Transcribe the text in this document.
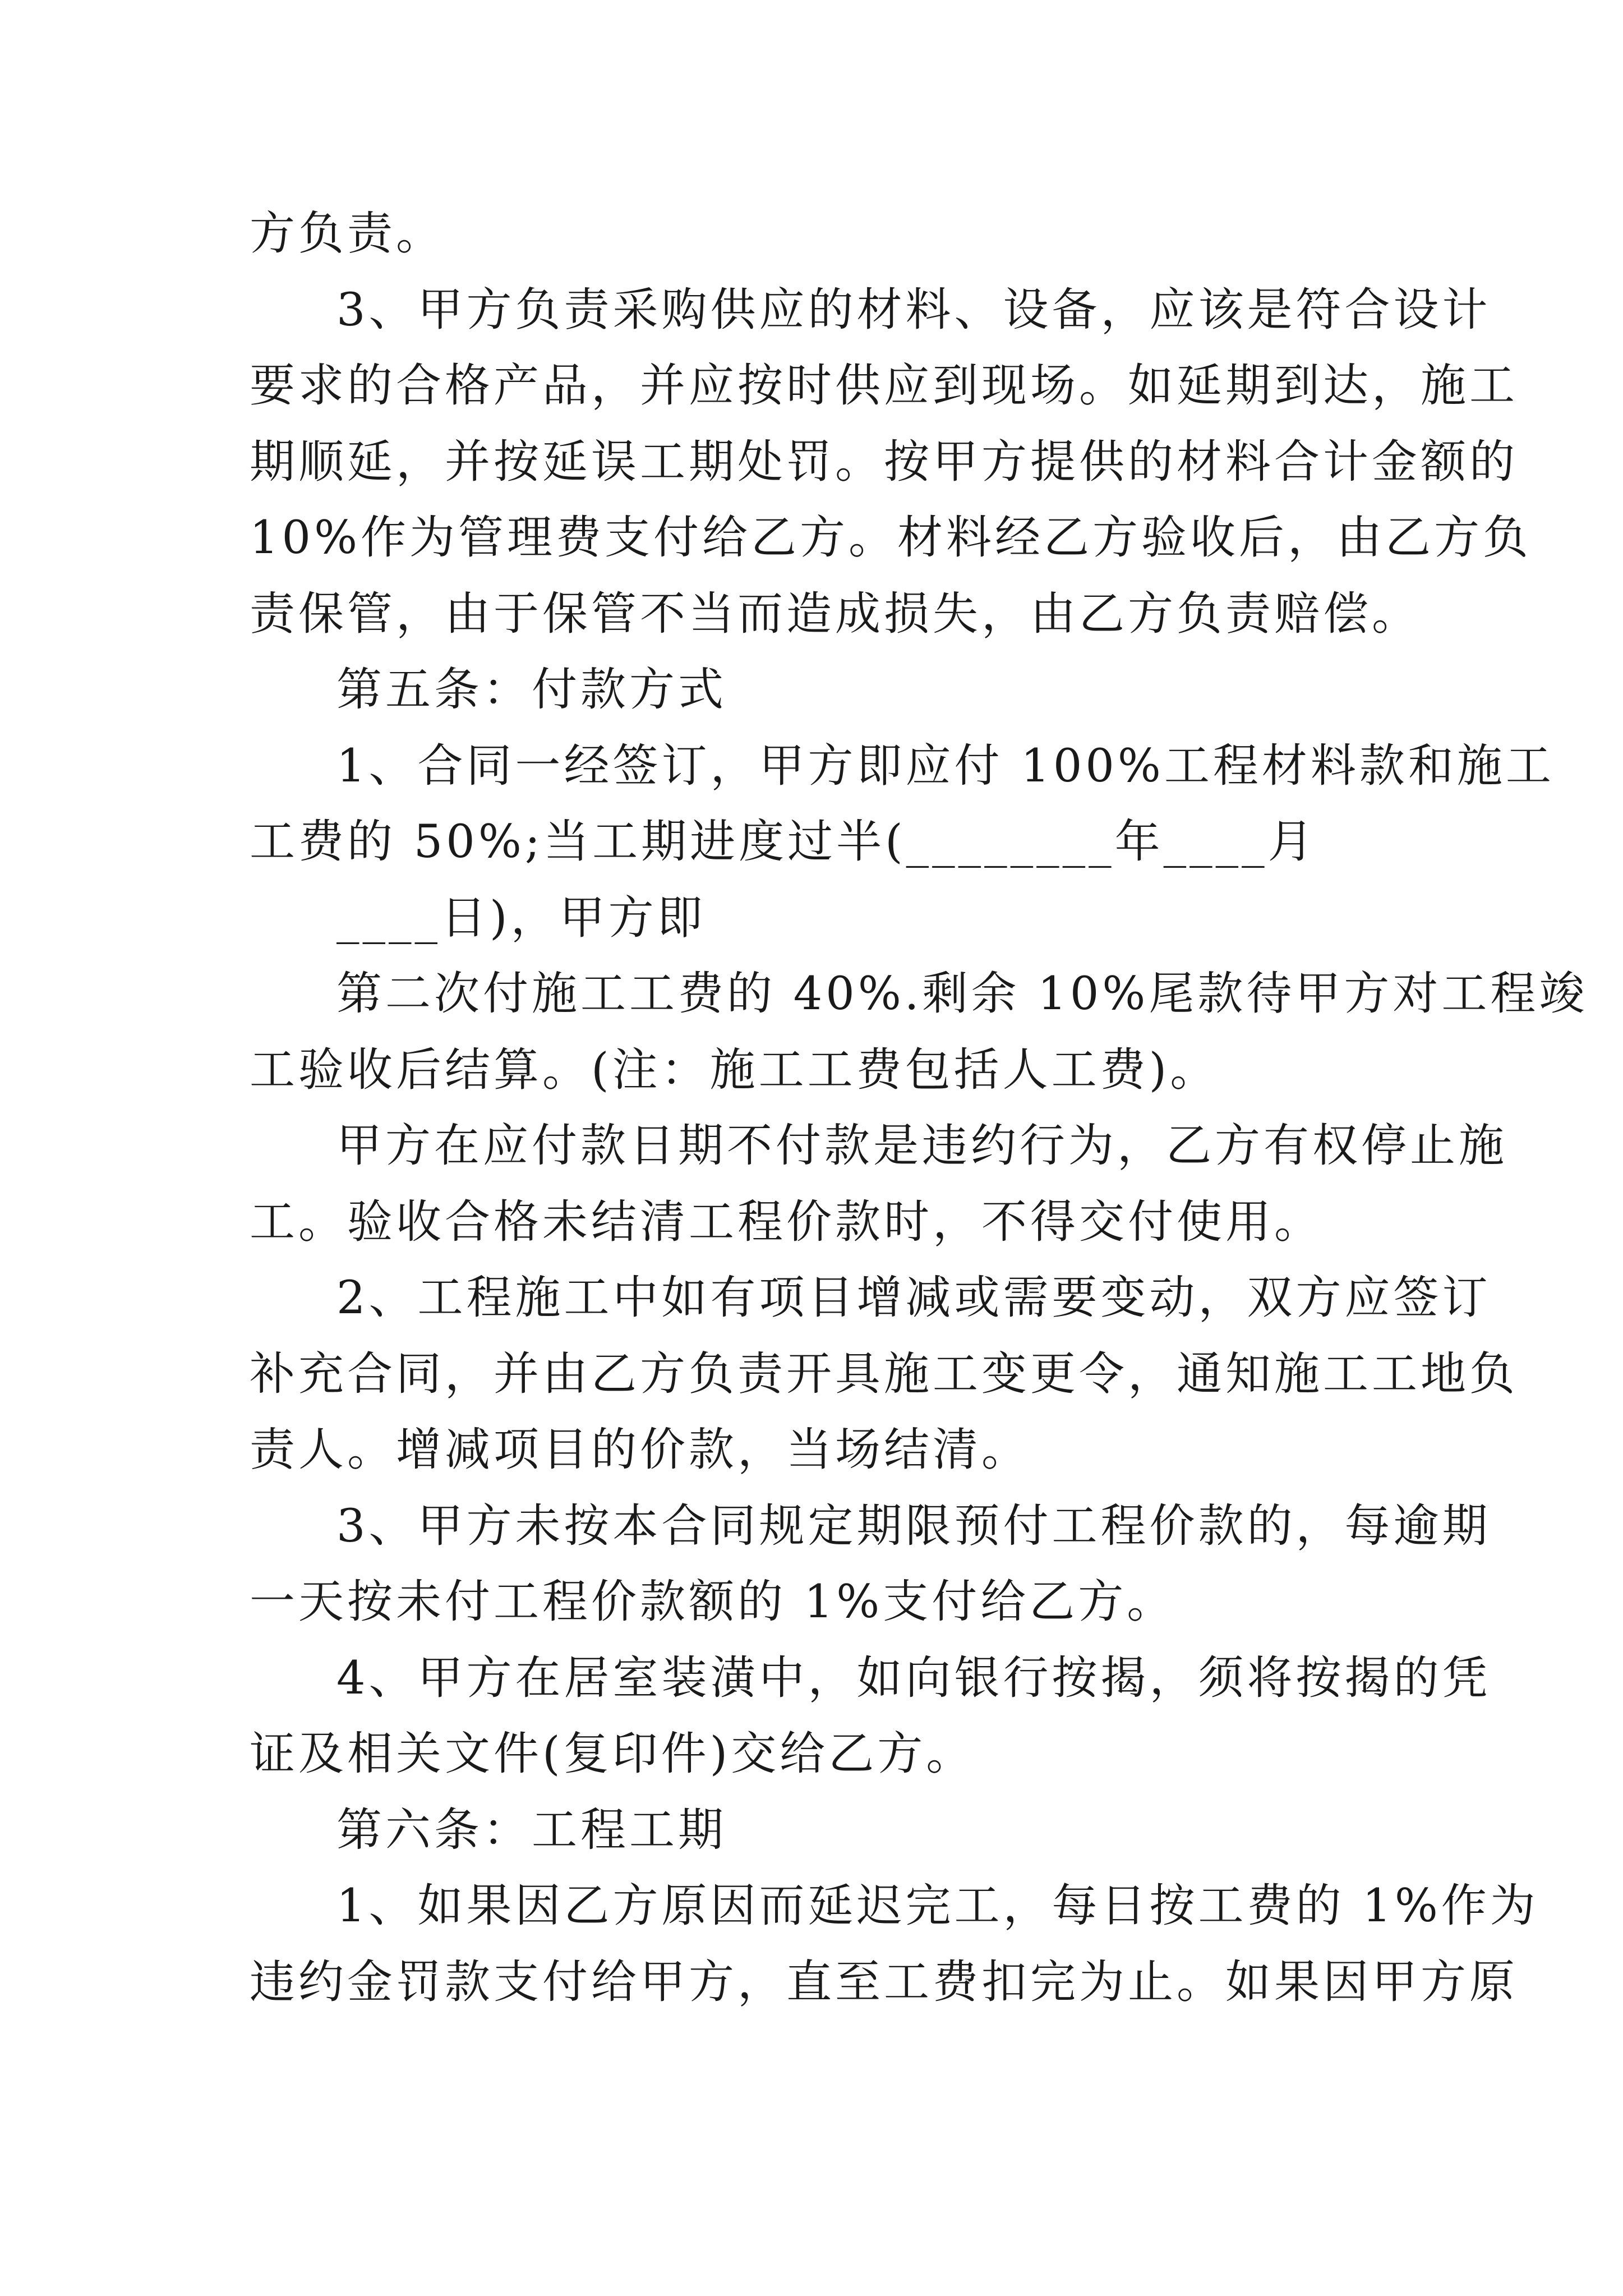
方负责。
3、甲方负责采购供应的材料、设备，应该是符合设计
要求的合格产品，并应按时供应到现场。如延期到达，施工
期顺延，并按延误工期处罚。按甲方提供的材料合计金额的
10%作为管理费支付给乙方。材料经乙方验收后，由乙方负
责保管，由于保管不当而造成损失，由乙方负责赔偿。
第五条：付款方式
1、合同一经签订，甲方即应付 100%工程材料款和施工
工费的 50%;当工期进度过半(________年____月
____日)，甲方即
第二次付施工工费的 40%.剩余 10%尾款待甲方对工程竣
工验收后结算。(注：施工工费包括人工费)。
甲方在应付款日期不付款是违约行为，乙方有权停止施
工。验收合格未结清工程价款时，不得交付使用。
2、工程施工中如有项目增减或需要变动，双方应签订
补充合同，并由乙方负责开具施工变更令，通知施工工地负
责人。增减项目的价款，当场结清。
3、甲方未按本合同规定期限预付工程价款的，每逾期
一天按未付工程价款额的 1%支付给乙方。
4、甲方在居室装潢中，如向银行按揭，须将按揭的凭
证及相关文件(复印件)交给乙方。
第六条：工程工期
1、如果因乙方原因而延迟完工，每日按工费的 1%作为
违约金罚款支付给甲方，直至工费扣完为止。如果因甲方原
